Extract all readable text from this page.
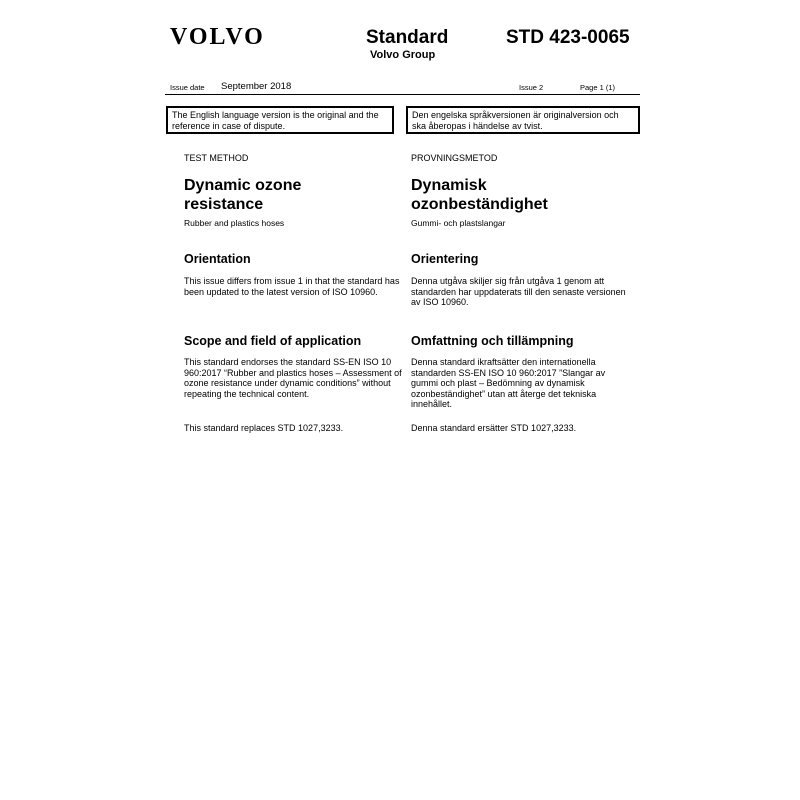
VOLVO	Standard
Volvo Group
STD 423-0065
Issue date September 2018	Issue 2	Page 1 (1)
The English language version is the original and the reference in case of dispute.
Den engelska språkversionen är originalversion och ska åberopas i händelse av tvist.
TEST METHOD
Dynamic ozone
resistance
Rubber and plastics hoses
Orientation

This issue differs from issue 1 in that the standard has been updated to the latest version of ISO 10960.

Scope and field of application

This standard endorses the standard SS-EN ISO 10 960:2017 “Rubber and plastics hoses – Assessment of ozone resistance under dynamic conditions” without repeating the technical content.

This standard replaces STD 1027,3233.

PROVNINGSMETOD
Dynamisk
ozonbeständighet
Gummi- och plastslangar
Orientering

Denna utgåva skiljer sig från utgåva 1 genom att standarden har uppdaterats till den senaste versionen av ISO 10960.

Omfattning och tillämpning

Denna standard ikraftsätter den internationella standarden SS-EN ISO 10 960:2017 ”Slangar av gummi och plast – Bedömning av dynamisk ozonbeständighet” utan att återge det tekniska innehållet.

Denna standard ersätter STD 1027,3233.
